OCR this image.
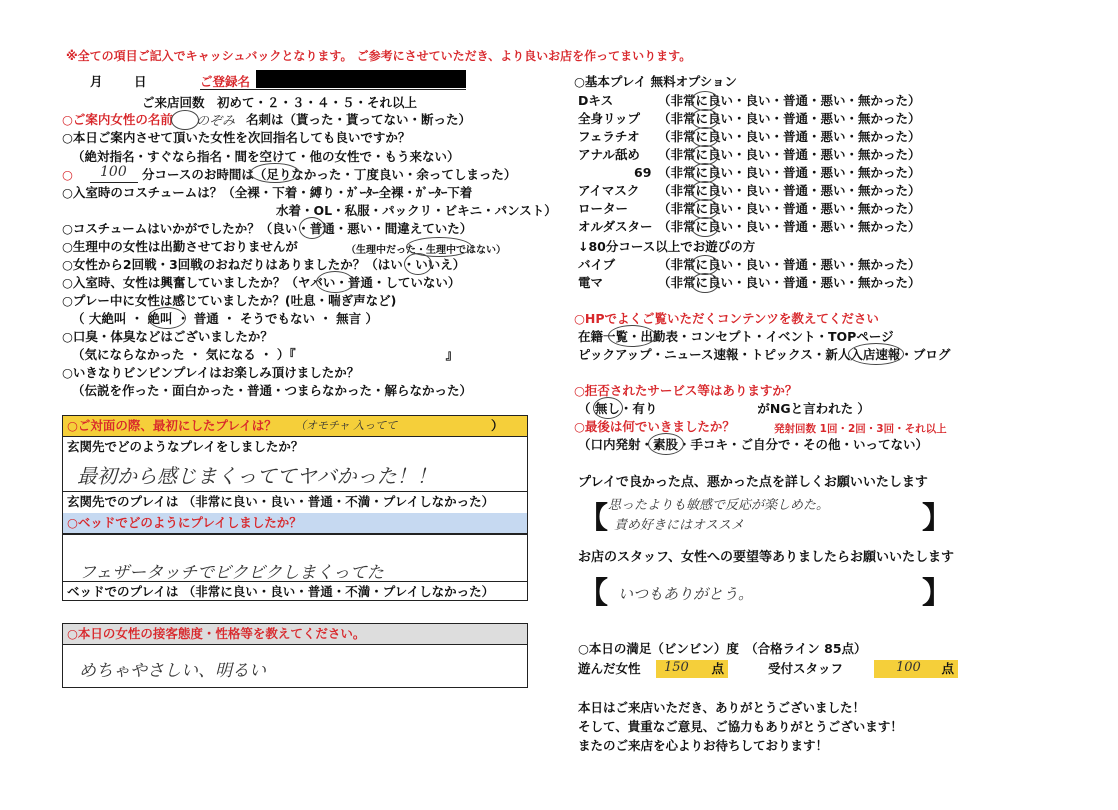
※全ての項目ご記入でキャッシュバックとなります。 ご参考にさせていただき、より良いお店を作ってまいります。
月	日	ご登録名
ご来店回数　初めて・２・３・４・５・それ以上
○ご案内女性の名前 のぞみ 名刺は（貰った・貰ってない・断った）
○本日ご案内させて頂いた女性を次回指名しても良いですか？
（絶対指名・すぐなら指名・間を空けて・他の女性で・もう来ない）
○ 100 分コースのお時間は（足りなかった・丁度良い・余ってしまった）
○入室時のコスチュームは？（全裸・下着・縛り・ｶﾞｰﾀｰ全裸・ｶﾞｰﾀｰ下着
水着・OL・私服・パックリ・ビキニ・パンスト）
○コスチュームはいかがでしたか？（良い・普通・悪い・間違えていた）
○生理中の女性は出勤させておりませんが	（生理中だった・生理中ではない）
○女性から2回戦・3回戦のおねだりはありましたか？（はい・いいえ）
○入室時、女性は興奮していましたか？（ヤバい・普通・していない）
○プレー中に女性は感じていましたか？(吐息・喘ぎ声など)
（ 大絶叫 ・ 絶叫 ・ 普通 ・ そうでもない ・ 無言 ）
○口臭・体臭などはございましたか？
（気にならなかった ・ 気になる ・ ）『　　　　　　　　　　　　』
○いきなりビンビンプレイはお楽しみ頂けましたか？
（伝説を作った・面白かった・普通・つまらなかった・解らなかった）
○ご対面の際、最初にしたプレイは？ （オモチャ 入ってて	）
玄関先でどのようなプレイをしましたか？
最初から感じまくっててヤバかった！！
玄関先でのプレイは （非常に良い・良い・普通・不満・プレイしなかった）
○ベッドでどのようにプレイしましたか？
フェザータッチでビクビクしまくってた
ベッドでのプレイは （非常に良い・良い・普通・不満・プレイしなかった）
○本日の女性の接客態度・性格等を教えてください。
めちゃやさしい、明るい
○基本プレイ 無料オプション
Dキス	（非常に良い・良い・普通・悪い・無かった）
全身リップ （非常に良い・良い・普通・悪い・無かった）
フェラチオ （非常に良い・良い・普通・悪い・無かった）
アナル舐め （非常に良い・良い・普通・悪い・無かった）
69 （非常に良い・良い・普通・悪い・無かった）
アイマスク （非常に良い・良い・普通・悪い・無かった）
ローター （非常に良い・良い・普通・悪い・無かった）
オルダスター （非常に良い・良い・普通・悪い・無かった）
↓80分コース以上でお遊びの方
バイブ	（非常に良い・良い・普通・悪い・無かった）
電マ	（非常に良い・良い・普通・悪い・無かった）
○HPでよくご覧いただくコンテンツを教えてください
在籍一覧・出勤表・コンセプト・イベント・TOPページ
ピックアップ・ニュース速報・トピックス・新人入店速報・ブログ
○拒否されたサービス等はありますか？
（ 無し・有り　　　　　　　　がNGと言われた ）
○最後は何でいきましたか？	発射回数 1回・2回・3回・それ以上
（口内発射・素股・手コキ・ご自分で・その他・いってない）
プレイで良かった点、悪かった点を詳しくお願いいたします
【 思ったよりも敏感で反応が楽しめた。
責め好きにはオススメ	】
お店のスタッフ、女性への要望等ありましたらお願いいたします
【 いつもありがとう。	】
○本日の満足（ビンビン）度　（合格ライン 85点）
遊んだ女性 150 点	受付スタッフ	100 点
本日はご来店いただき、ありがとうございました！
そして、貴重なご意見、ご協力もありがとうございます！
またのご来店を心よりお待ちしております！
